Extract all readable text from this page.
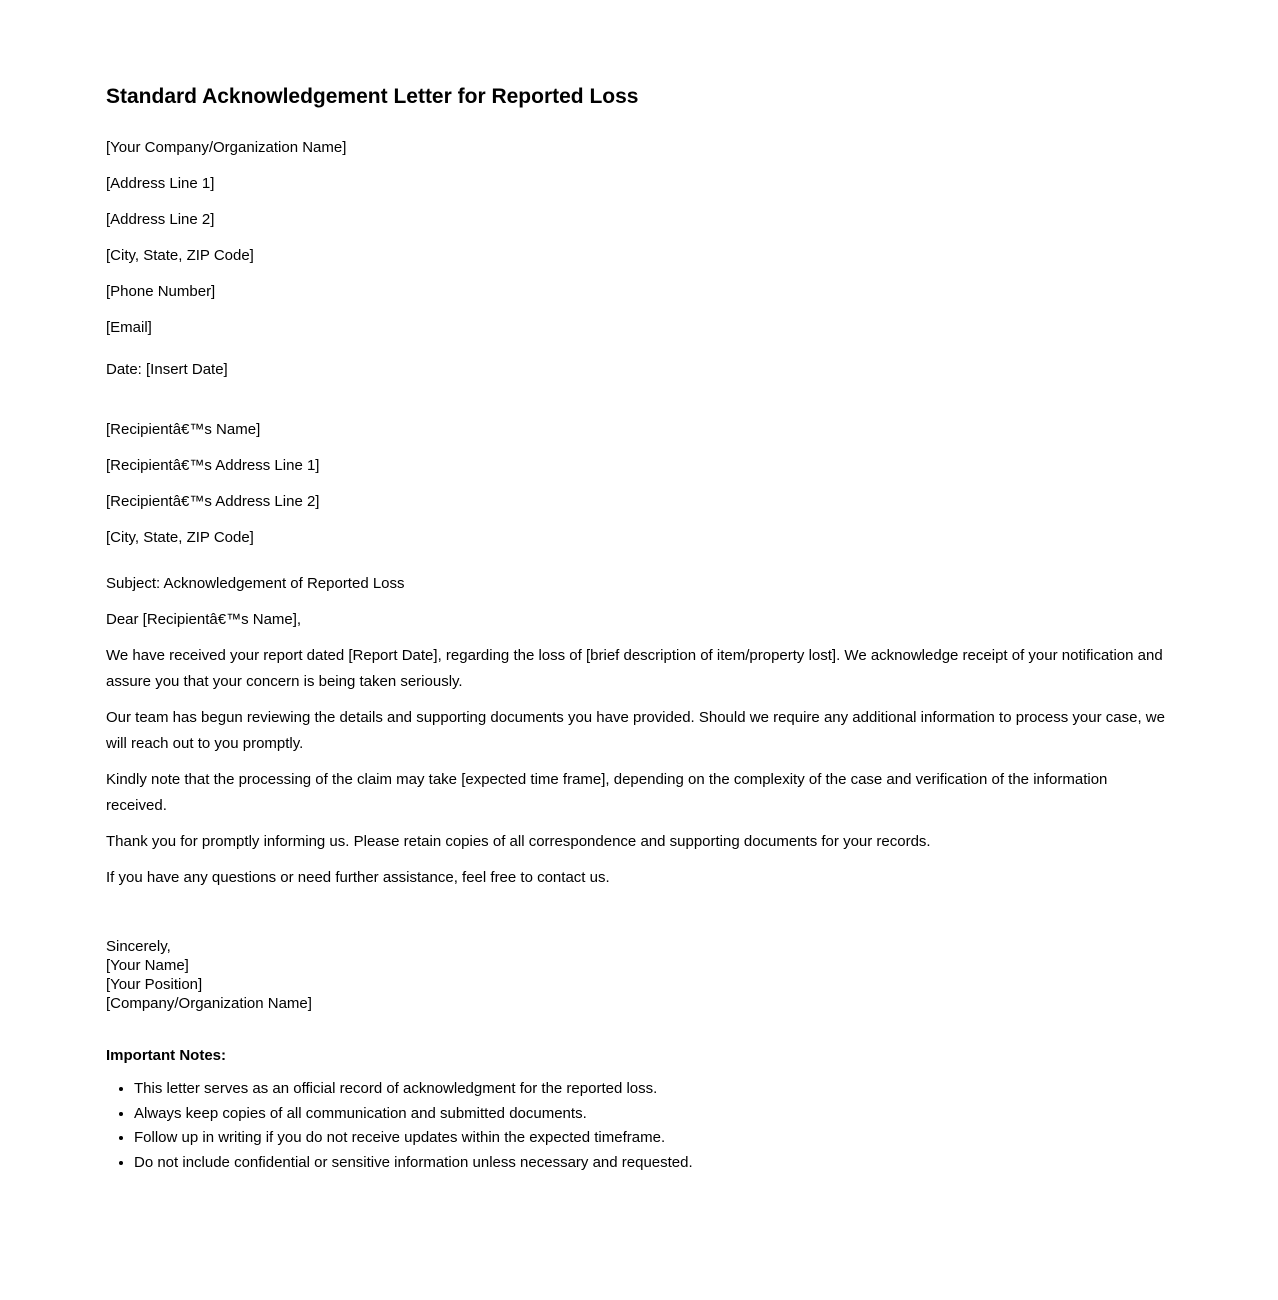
Standard Acknowledgement Letter for Reported Loss

[Your Company/Organization Name]

[Address Line 1]

[Address Line 2]

[City, State, ZIP Code]

[Phone Number]

[Email]

Date: [Insert Date]

[Recipientâ€™s Name]

[Recipientâ€™s Address Line 1]

[Recipientâ€™s Address Line 2]

[City, State, ZIP Code]

Subject: Acknowledgement of Reported Loss

Dear [Recipientâ€™s Name],

We have received your report dated [Report Date], regarding the loss of [brief description of item/property lost]. We acknowledge receipt of your notification and assure you that your concern is being taken seriously.

Our team has begun reviewing the details and supporting documents you have provided. Should we require any additional information to process your case, we will reach out to you promptly.

Kindly note that the processing of the claim may take [expected time frame], depending on the complexity of the case and verification of the information received.

Thank you for promptly informing us. Please retain copies of all correspondence and supporting documents for your records.

If you have any questions or need further assistance, feel free to contact us.

Sincerely,
[Your Name]
[Your Position]
[Company/Organization Name]

Important Notes:

• This letter serves as an official record of acknowledgment for the reported loss.
• Always keep copies of all communication and submitted documents.
• Follow up in writing if you do not receive updates within the expected timeframe.
• Do not include confidential or sensitive information unless necessary and requested.
